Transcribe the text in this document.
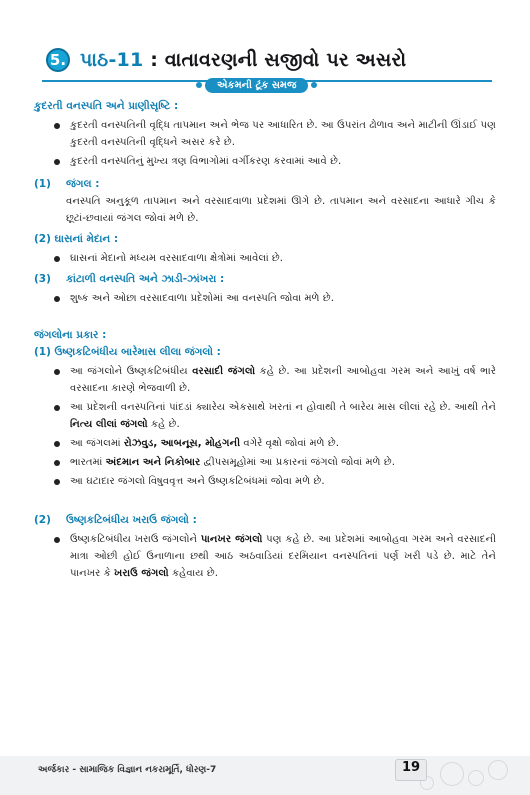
5. પાઠ-11 : વાતાવરણની સજીવો પર અસરો
એકમની ટૂંક સમજ

કુદરતી વનસ્પતિ અને પ્રાણીસૃષ્ટિ :

કુદરતી વનસ્પતિની વૃદ્ધિ તાપમાન અને ભેજ પર આધારિત છે. આ ઉપરાંત ઢોળાવ અને માટીની ઊંડાઈ પણ કુદરતી વનસ્પતિની વૃદ્ધિને અસર કરે છે.
કુદરતી વનસ્પતિનું મુખ્ય ત્રણ વિભાગોમાં વર્ગીકરણ કરવામાં આવે છે.

(1) જંગલ :

વનસ્પતિ અનુકૂળ તાપમાન અને વરસાદવાળા પ્રદેશમાં ઊગે છે. તાપમાન અને વરસાદના આધારે ગીચ કે છૂટાં-છવાયાં જંગલ જોવાં મળે છે.

(2) ઘાસનાં મેદાન :

ઘાસનાં મેદાનો મધ્યમ વરસાદવાળા ક્ષેત્રોમાં આવેલાં છે.

(3) કાંટાળી વનસ્પતિ અને ઝાડી-ઝાંખરા :

શુષ્ક અને ઓછા વરસાદવાળા પ્રદેશોમાં આ વનસ્પતિ જોવા મળે છે.

જંગલોના પ્રકાર :

(1) ઉષ્ણકટિબંધીય બારેમાસ લીલા જંગલો :

આ જંગલોને ઉષ્ણકટિબંધીય વરસાદી જંગલો કહે છે. આ પ્રદેશની આબોહવા ગરમ અને આખું વર્ષ ભારે વરસાદના કારણે ભેજવાળી છે.
આ પ્રદેશની વનસ્પતિનાં પાંદડાં ક્યારેય એકસાથે ખરતાં ન હોવાથી તે બારેય માસ લીલાં રહે છે. આથી તેને નિત્ય લીલાં જંગલો કહે છે.
આ જંગલમાં રોઝવુડ, આબનૂસ, મોહગની વગેરે વૃક્ષો જોવાં મળે છે.
ભારતમાં અંદમાન અને નિકોબાર દ્વીપસમૂહોમાં આ પ્રકારનાં જંગલો જોવાં મળે છે.
આ ઘટાદાર જંગલો વિષુવવૃત્ત અને ઉષ્ણકટિબંધમાં જોવા મળે છે.

(2) ઉષ્ણકટિબંધીય ખરાઉ જંગલો :

ઉષ્ણકટિબંધીય ખરાઉ જંગલોને પાનખર જંગલો પણ કહે છે. આ પ્રદેશમાં આબોહવા ગરમ અને વરસાદની માત્રા ઓછી હોઈ ઉનાળાના છથી આઠ અઠવાડિયાં દરમિયાન વનસ્પતિનાં પર્ણ ખરી પડે છે. માટે તેને પાનખર કે ખરાઉ જંગલો કહેવાય છે.
અર્જકાર - સામાજિક વિજ્ઞાન નકરામૂર્તિ, ધોરણ-7	19
